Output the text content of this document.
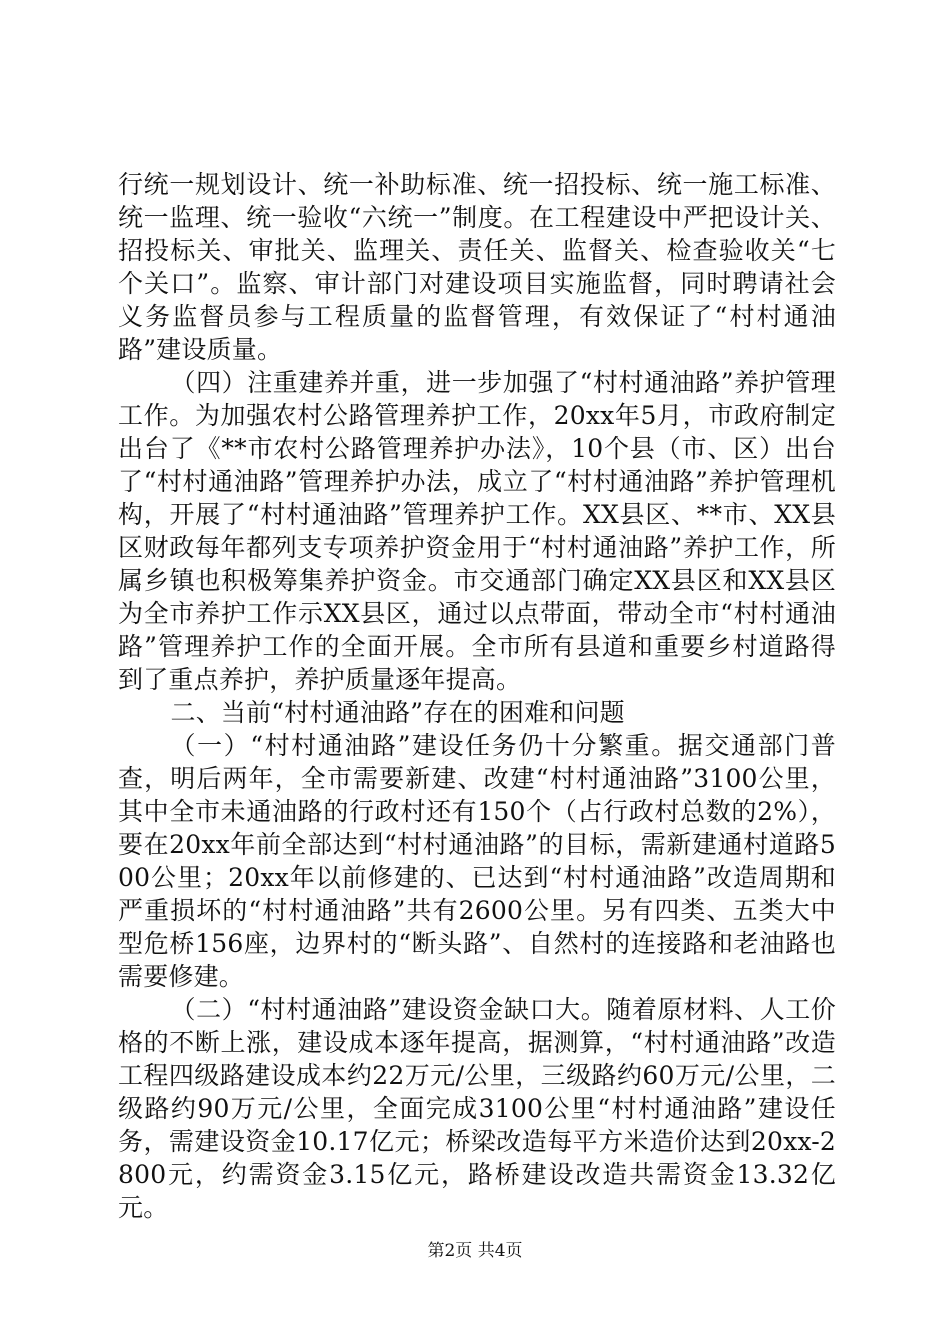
行统一规划设计、统一补助标准、统一招投标、统一施工标准、统一监理、统一验收“六统一”制度。在工程建设中严把设计关、招投标关、审批关、监理关、责任关、监督关、检查验收关“七个关口”。监察、审计部门对建设项目实施监督，同时聘请社会义务监督员参与工程质量的监督管理，有效保证了“村村通油路”建设质量。

（四）注重建养并重，进一步加强了“村村通油路”养护管理工作。为加强农村公路管理养护工作，20xx年5月，市政府制定出台了《**市农村公路管理养护办法》，10个县（市、区）出台了“村村通油路”管理养护办法，成立了“村村通油路”养护管理机构，开展了“村村通油路”管理养护工作。XX县区、**市、XX县区财政每年都列支专项养护资金用于“村村通油路”养护工作，所属乡镇也积极筹集养护资金。市交通部门确定XX县区和XX县区为全市养护工作示XX县区，通过以点带面，带动全市“村村通油路”管理养护工作的全面开展。全市所有县道和重要乡村道路得到了重点养护，养护质量逐年提高。

二、当前“村村通油路”存在的困难和问题

（一）“村村通油路”建设任务仍十分繁重。据交通部门普查，明后两年，全市需要新建、改建“村村通油路”3100公里，其中全市未通油路的行政村还有150个（占行政村总数的2%），要在20xx年前全部达到“村村通油路”的目标，需新建通村道路500公里；20xx年以前修建的、已达到“村村通油路”改造周期和严重损坏的“村村通油路”共有2600公里。另有四类、五类大中型危桥156座，边界村的“断头路”、自然村的连接路和老油路也需要修建。

（二）“村村通油路”建设资金缺口大。随着原材料、人工价格的不断上涨，建设成本逐年提高，据测算，“村村通油路”改造工程四级路建设成本约22万元/公里，三级路约60万元/公里，二级路约90万元/公里，全面完成3100公里“村村通油路”建设任务，需建设资金10.17亿元；桥梁改造每平方米造价达到20xx-2800元，约需资金3.15亿元，路桥建设改造共需资金13.32亿元。

第2页 共4页
